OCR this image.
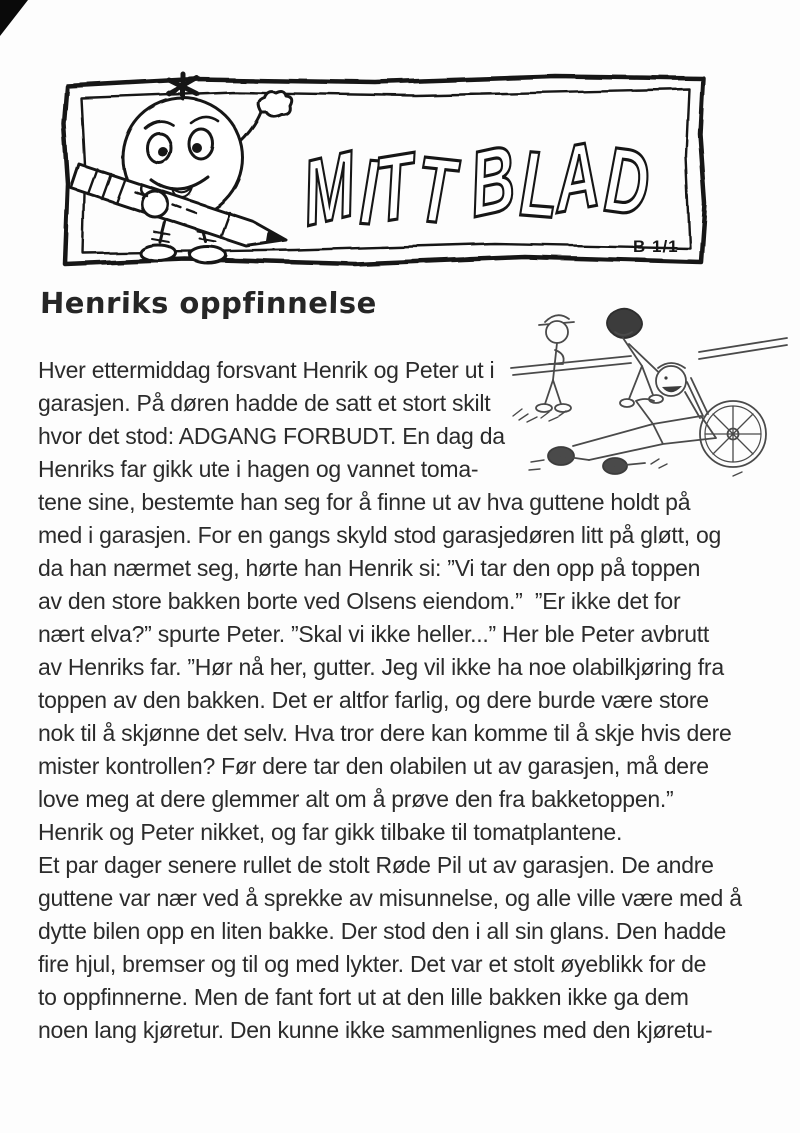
MITT BLAD
B 1/1
Henriks oppfinnelse
Hver ettermiddag forsvant Henrik og Peter ut i
garasjen. På døren hadde de satt et stort skilt
hvor det stod: ADGANG FORBUDT. En dag da
Henriks far gikk ute i hagen og vannet toma-
tene sine, bestemte han seg for å finne ut av hva guttene holdt på
med i garasjen. For en gangs skyld stod garasjedøren litt på gløtt, og
da han nærmet seg, hørte han Henrik si: ”Vi tar den opp på toppen
av den store bakken borte ved Olsens eiendom.”  ”Er ikke det for
nært elva?” spurte Peter. ”Skal vi ikke heller...” Her ble Peter avbrutt
av Henriks far. ”Hør nå her, gutter. Jeg vil ikke ha noe olabilkjøring fra
toppen av den bakken. Det er altfor farlig, og dere burde være store
nok til å skjønne det selv. Hva tror dere kan komme til å skje hvis dere
mister kontrollen? Før dere tar den olabilen ut av garasjen, må dere
love meg at dere glemmer alt om å prøve den fra bakketoppen.”
Henrik og Peter nikket, og far gikk tilbake til tomatplantene.
Et par dager senere rullet de stolt Røde Pil ut av garasjen. De andre
guttene var nær ved å sprekke av misunnelse, og alle ville være med å
dytte bilen opp en liten bakke. Der stod den i all sin glans. Den hadde
fire hjul, bremser og til og med lykter. Det var et stolt øyeblikk for de
to oppfinnerne. Men de fant fort ut at den lille bakken ikke ga dem
noen lang kjøretur. Den kunne ikke sammenlignes med den kjøretu-
